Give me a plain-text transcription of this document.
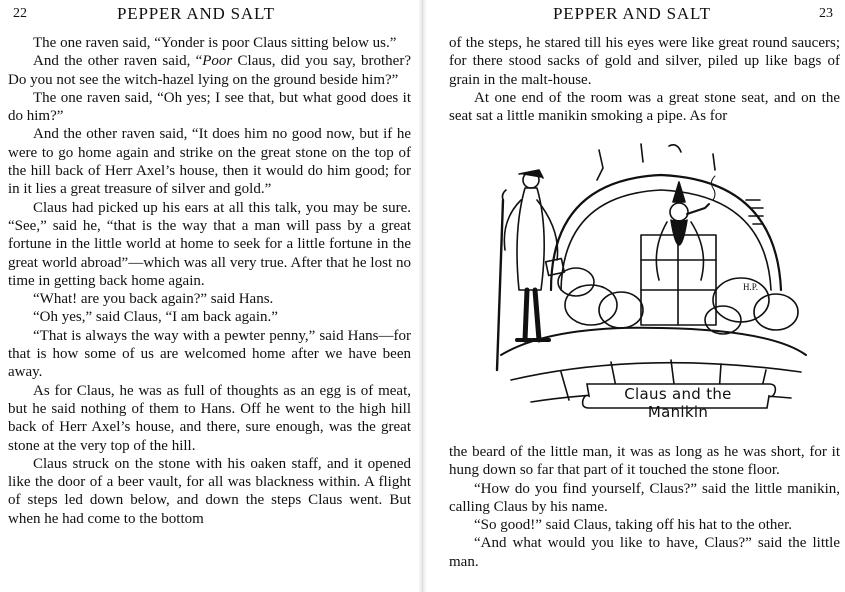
22	PEPPER AND SALT

The one raven said, “Yonder is poor Claus sitting below us.”

And the other raven said, “Poor Claus, did you say, brother? Do you not see the witch-hazel lying on the ground beside him?”

The one raven said, “Oh yes; I see that, but what good does it do him?”

And the other raven said, “It does him no good now, but if he were to go home again and strike on the great stone on the top of the hill back of Herr Axel’s house, then it would do him good; for in it lies a great treasure of silver and gold.”

Claus had picked up his ears at all this talk, you may be sure. “See,” said he, “that is the way that a man will pass by a great fortune in the little world at home to seek for a little fortune in the great world abroad”—which was all very true. After that he lost no time in getting back home again.

“What! are you back again?” said Hans.

“Oh yes,” said Claus, “I am back again.”

“That is always the way with a pewter penny,” said Hans—for that is how some of us are welcomed home after we have been away.

As for Claus, he was as full of thoughts as an egg is of meat, but he said nothing of them to Hans. Off he went to the high hill back of Herr Axel’s house, and there, sure enough, was the great stone at the very top of the hill.

Claus struck on the stone with his oaken staff, and it opened like the door of a beer vault, for all was blackness within. A flight of steps led down below, and down the steps Claus went. But when he had come to the bottom

23
PEPPER AND SALT

of the steps, he stared till his eyes were like great round saucers; for there stood sacks of gold and silver, piled up like bags of grain in the malt-house.

At one end of the room was a great stone seat, and on the seat sat a little manikin smoking a pipe. As for

H.P.
Claus and the Manikin

the beard of the little man, it was as long as he was short, for it hung down so far that part of it touched the stone floor.

“How do you find yourself, Claus?” said the little manikin, calling Claus by his name.

“So good!” said Claus, taking off his hat to the other.

“And what would you like to have, Claus?” said the little man.
